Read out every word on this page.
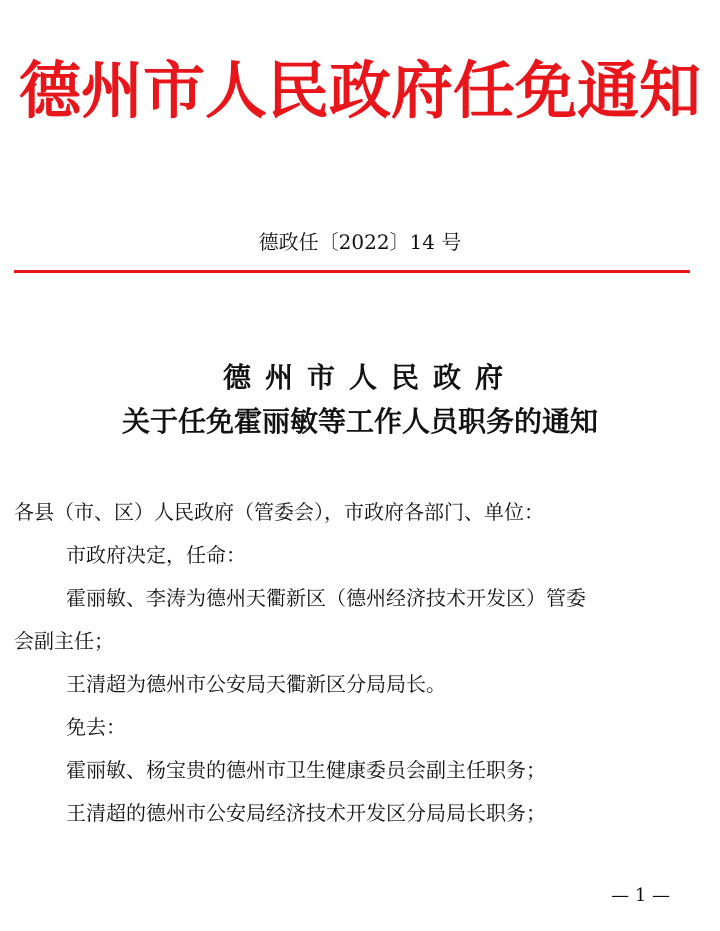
德州市人民政府任免通知
德政任〔2022〕14 号
德州市人民政府
关于任免霍丽敏等工作人员职务的通知
各县（市、区）人民政府（管委会），市政府各部门、单位：
市政府决定，任命：
霍丽敏、李涛为德州天衢新区（德州经济技术开发区）管委
会副主任；
王清超为德州市公安局天衢新区分局局长。
免去：
霍丽敏、杨宝贵的德州市卫生健康委员会副主任职务；
王清超的德州市公安局经济技术开发区分局局长职务；
— 1 —
